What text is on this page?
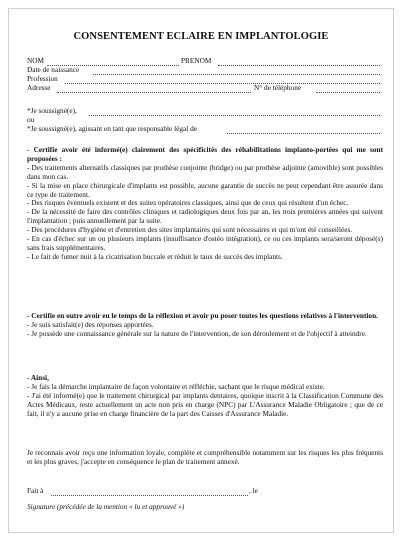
CONSENTEMENT ECLAIRE EN IMPLANTOLOGIE
NOM	PRENOM
Date de naissance
Profession
Adresse	N° de téléphone
*Je soussigné(e),
ou
*Je soussigné(e), agissant en tant que responsable légal de
- Certifie avoir été informé(e) clairement des spécificités des réhabilitations implanto-portées qui me sont proposées :
- Des traitements alternatifs classiques par prothèse conjointe (bridge) ou par prothèse adjointe (amovible) sont possibles dans mon cas.
- Si la mise en place chirurgicale d'implants est possible, aucune garantie de succès ne peut cependant être assurée dans ce type de traitement.
- Des risques éventuels existent et des suites opératoires classiques, ainsi que de ceux qui résultent d'un échec.
- De la nécessité de faire des contrôles cliniques et radiologiques deux fois par an, les trois premières années qui suivent l'implantation ; puis annuellement par la suite.
- Des procédures d'hygiène et d'entretien des sites implantaires qui sont nécessaires et qui m'ont été conseillées.
- En cas d'échec sur un ou plusieurs implants (insuffisance d'ostéo intégration), ce ou ces implants sera/seront déposé(s) sans frais supplémentaires.
- Le fait de fumer nuit à la cicatrisation buccale et réduit le taux de succès des implants.
- Certifie en outre avoir eu le temps de la réflexion et avoir pu poser toutes les questions relatives à l'intervention.
- Je suis satisfait(e) des réponses apportées.
- Je possède une connaissance générale sur la nature de l'intervention, de son déroulement et de l'objectif à atteindre.
- Ainsi,
- Je fais la démarche implantaire de façon volontaire et réfléchie, sachant que le risque médical existe.
- J'ai été informé(e) que le traitement chirurgical par implants dentaires, quoique inscrit à la Classification Commune des Actes Médicaux, reste actuellement un acte non pris en charge (NPC) par L'Assurance Maladie Obligatoire ; que de ce fait, il n'y a aucune prise en charge financière de la part des Caisses d'Assurance Maladie.
Je reconnais avoir reçu une information loyale, complète et compréhensible notamment sur les risques les plus fréquents et les plus graves, j'accepte en conséquence le plan de traitement annexé.
Fait à	, le
Signature (précédée de la mention « lu et approuvé »)
